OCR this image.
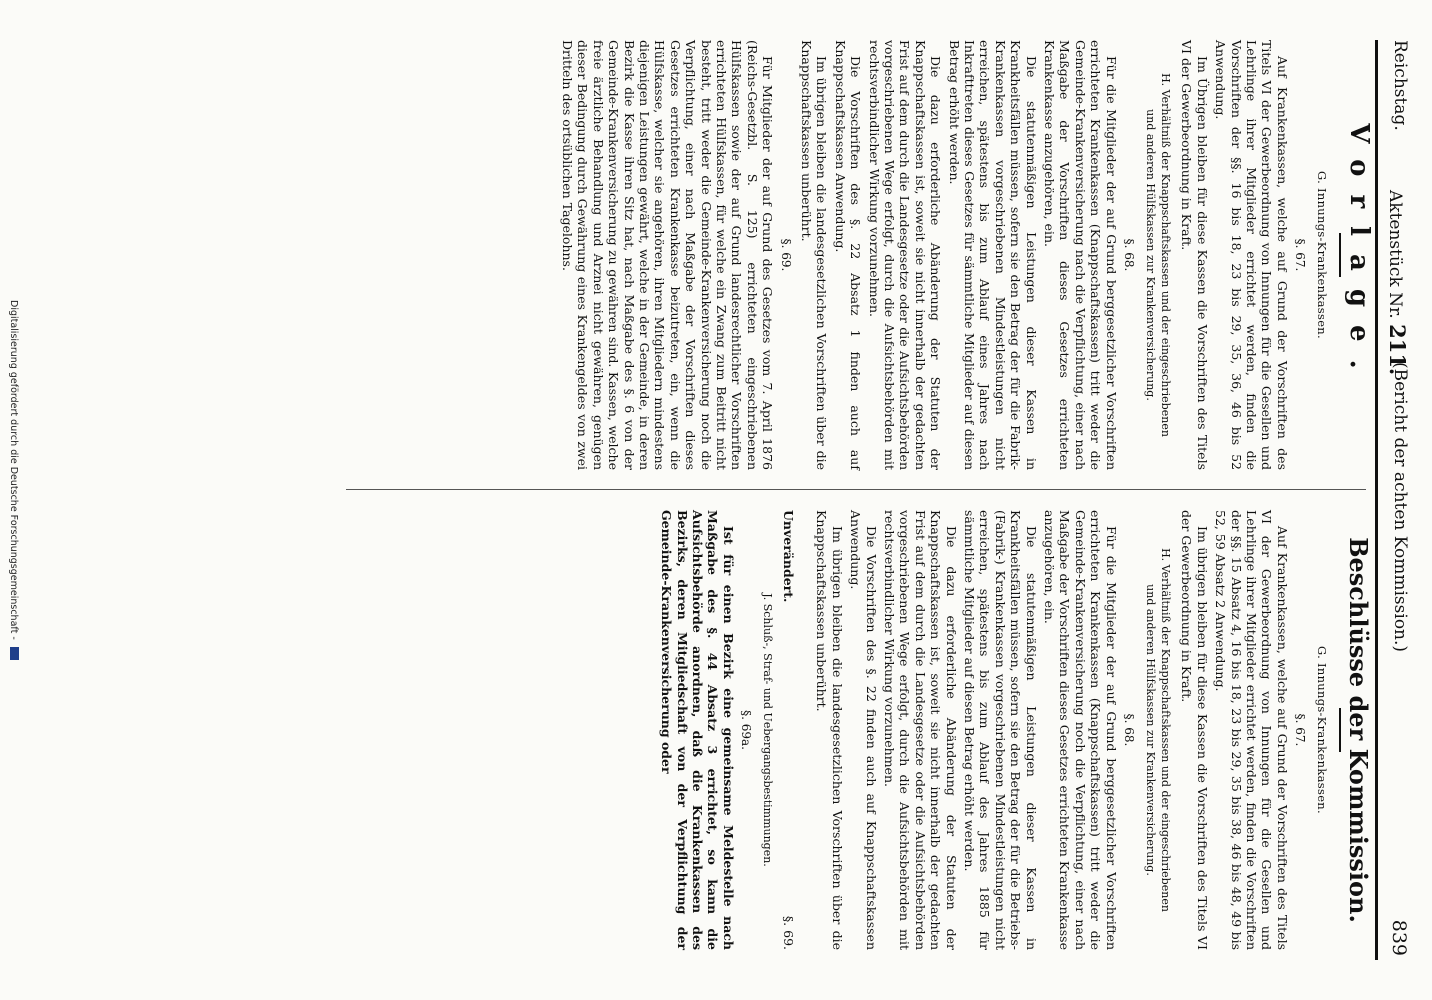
Reichstag.
Aktenstück Nr. 211.
(Bericht der achten Kommission.)
839
Vorlage.
G. Innungs-Krankenkassen.
§. 67.

Auf Krankenkassen, welche auf Grund der Vorschriften des Titels VI der Gewerbeordnung von Innungen für die Gesellen und Lehrlinge ihrer Mitglieder errichtet werden, finden die Vorschriften der §§. 16 bis 18, 23 bis 29, 35, 36, 46 bis 52 Anwendung.

Im Übrigen bleiben für diese Kassen die Vorschriften des Titels VI der Gewerbeordnung in Kraft.

H. Verhältniß der Knappschaftskassen und der eingeschriebenen und anderen Hülfskassen zur Krankenversicherung.
§. 68.

Für die Mitglieder der auf Grund berggesetzlicher Vorschriften errichteten Krankenkassen (Knappschaftskassen) tritt weder die Gemeinde-Krankenversicherung nach die Verpflichtung, einer nach Maßgabe der Vorschriften dieses Gesetzes errichteten Krankenkasse anzugehören, ein.

Die statutenmäßigen Leistungen dieser Kassen in Krankheitsfällen müssen, sofern sie den Betrag der für die Fabrik-Krankenkassen vorgeschriebenen Mindestleistungen nicht erreichen, spätestens bis zum Ablauf eines Jahres nach Inkrafttreten dieses Gesetzes für sämmtliche Mitglieder auf diesen Betrag erhöht werden.

Die dazu erforderliche Abänderung der Statuten der Knappschaftskassen ist, soweit sie nicht innerhalb der gedachten Frist auf dem durch die Landesgesetze oder die Aufsichtsbehörden vorgeschriebenen Wege erfolgt, durch die Aufsichtsbehörden mit rechtsverbindlicher Wirkung vorzunehmen.

Die Vorschriften des §. 22 Absatz 1 finden auch auf Knappschaftskassen Anwendung.

Im übrigen bleiben die landesgesetzlichen Vorschriften über die Knappschaftskassen unberührt.

§. 69.

Für Mitglieder der auf Grund des Gesetzes vom 7. April 1876 (Reichs-Gesetzbl. S. 125) errichteten eingeschriebenen Hülfskassen sowie der auf Grund landesrechtlicher Vorschriften errichteten Hülfskassen, für welche ein Zwang zum Beitritt nicht besteht, tritt weder die Gemeinde-Krankenversicherung noch die Verpflichtung, einer nach Maßgabe der Vorschriften dieses Gesetzes errichteten Krankenkasse beizutreten, ein, wenn die Hülfskasse, welcher sie angehören, ihren Mitgliedern mindestens diejenigen Leistungen gewährt, welche in der Gemeinde, in deren Bezirk die Kasse ihren Sitz hat, nach Maßgabe des §. 6 von der Gemeinde-Krankenversicherung zu gewähren sind. Kassen, welche freie ärztliche Behandlung und Arznei nicht gewähren, genügen dieser Bedingung durch Gewährung eines Krankengeldes von zwei Dritteln des ortsüblichen Tagelohns.

Beschlüsse der Kommission.
G. Innungs-Krankenkassen.
§. 67.

Auf Krankenkassen, welche auf Grund der Vorschriften des Titels VI der Gewerbeordnung von Innungen für die Gesellen und Lehrlinge ihrer Mitglieder errichtet werden, finden die Vorschriften der §§. 15 Absatz 4, 16 bis 18, 23 bis 29, 35 bis 38, 46 bis 48, 49 bis 52, 59 Absatz 2 Anwendung.

Im übrigen bleiben für diese Kassen die Vorschriften des Titels VI der Gewerbeordnung in Kraft.

H. Verhältniß der Knappschaftskassen und der eingeschriebenen und anderen Hülfskassen zur Krankenversicherung.
§. 68.

Für die Mitglieder der auf Grund berggesetzlicher Vorschriften errichteten Krankenkassen (Knappschaftskassen) tritt weder die Gemeinde-Krankenversicherung noch die Verpflichtung, einer nach Maßgabe der Vorschriften dieses Gesetzes errichteten Krankenkasse anzugehören, ein.

Die statutenmäßigen Leistungen dieser Kassen in Krankheitsfällen müssen, sofern sie den Betrag der für die Betriebs- (Fabrik-) Krankenkassen vorgeschriebenen Mindestleistungen nicht erreichen, spätestens bis zum Ablauf des Jahres 1885 für sämmtliche Mitglieder auf diesen Betrag erhöht werden.

Die dazu erforderliche Abänderung der Statuten der Knappschaftskassen ist, soweit sie nicht innerhalb der gedachten Frist auf dem durch die Landesgesetze oder die Aufsichtsbehörden vorgeschriebenen Wege erfolgt, durch die Aufsichtsbehörden mit rechtsverbindlicher Wirkung vorzunehmen.

Die Vorschriften des §. 22 finden auch auf Knappschaftskassen Anwendung.

Im übrigen bleiben die landesgesetzlichen Vorschriften über die Knappschaftskassen unberührt.

Unverändert.
§. 69.
J. Schluß-, Straf- und Uebergangsbestimmungen.
§. 69a.

Ist für einen Bezirk eine gemeinsame Meldestelle nach Maßgabe des §. 44 Absatz 3 errichtet, so kann die Aufsichtsbehörde anordnen, daß die Krankenkassen des Bezirks, deren Mitgliedschaft von der Verpflichtung der Gemeinde-Krankenversicherung oder

Digitalisierung gefördert durch die Deutsche Forschungsgemeinschaft -
